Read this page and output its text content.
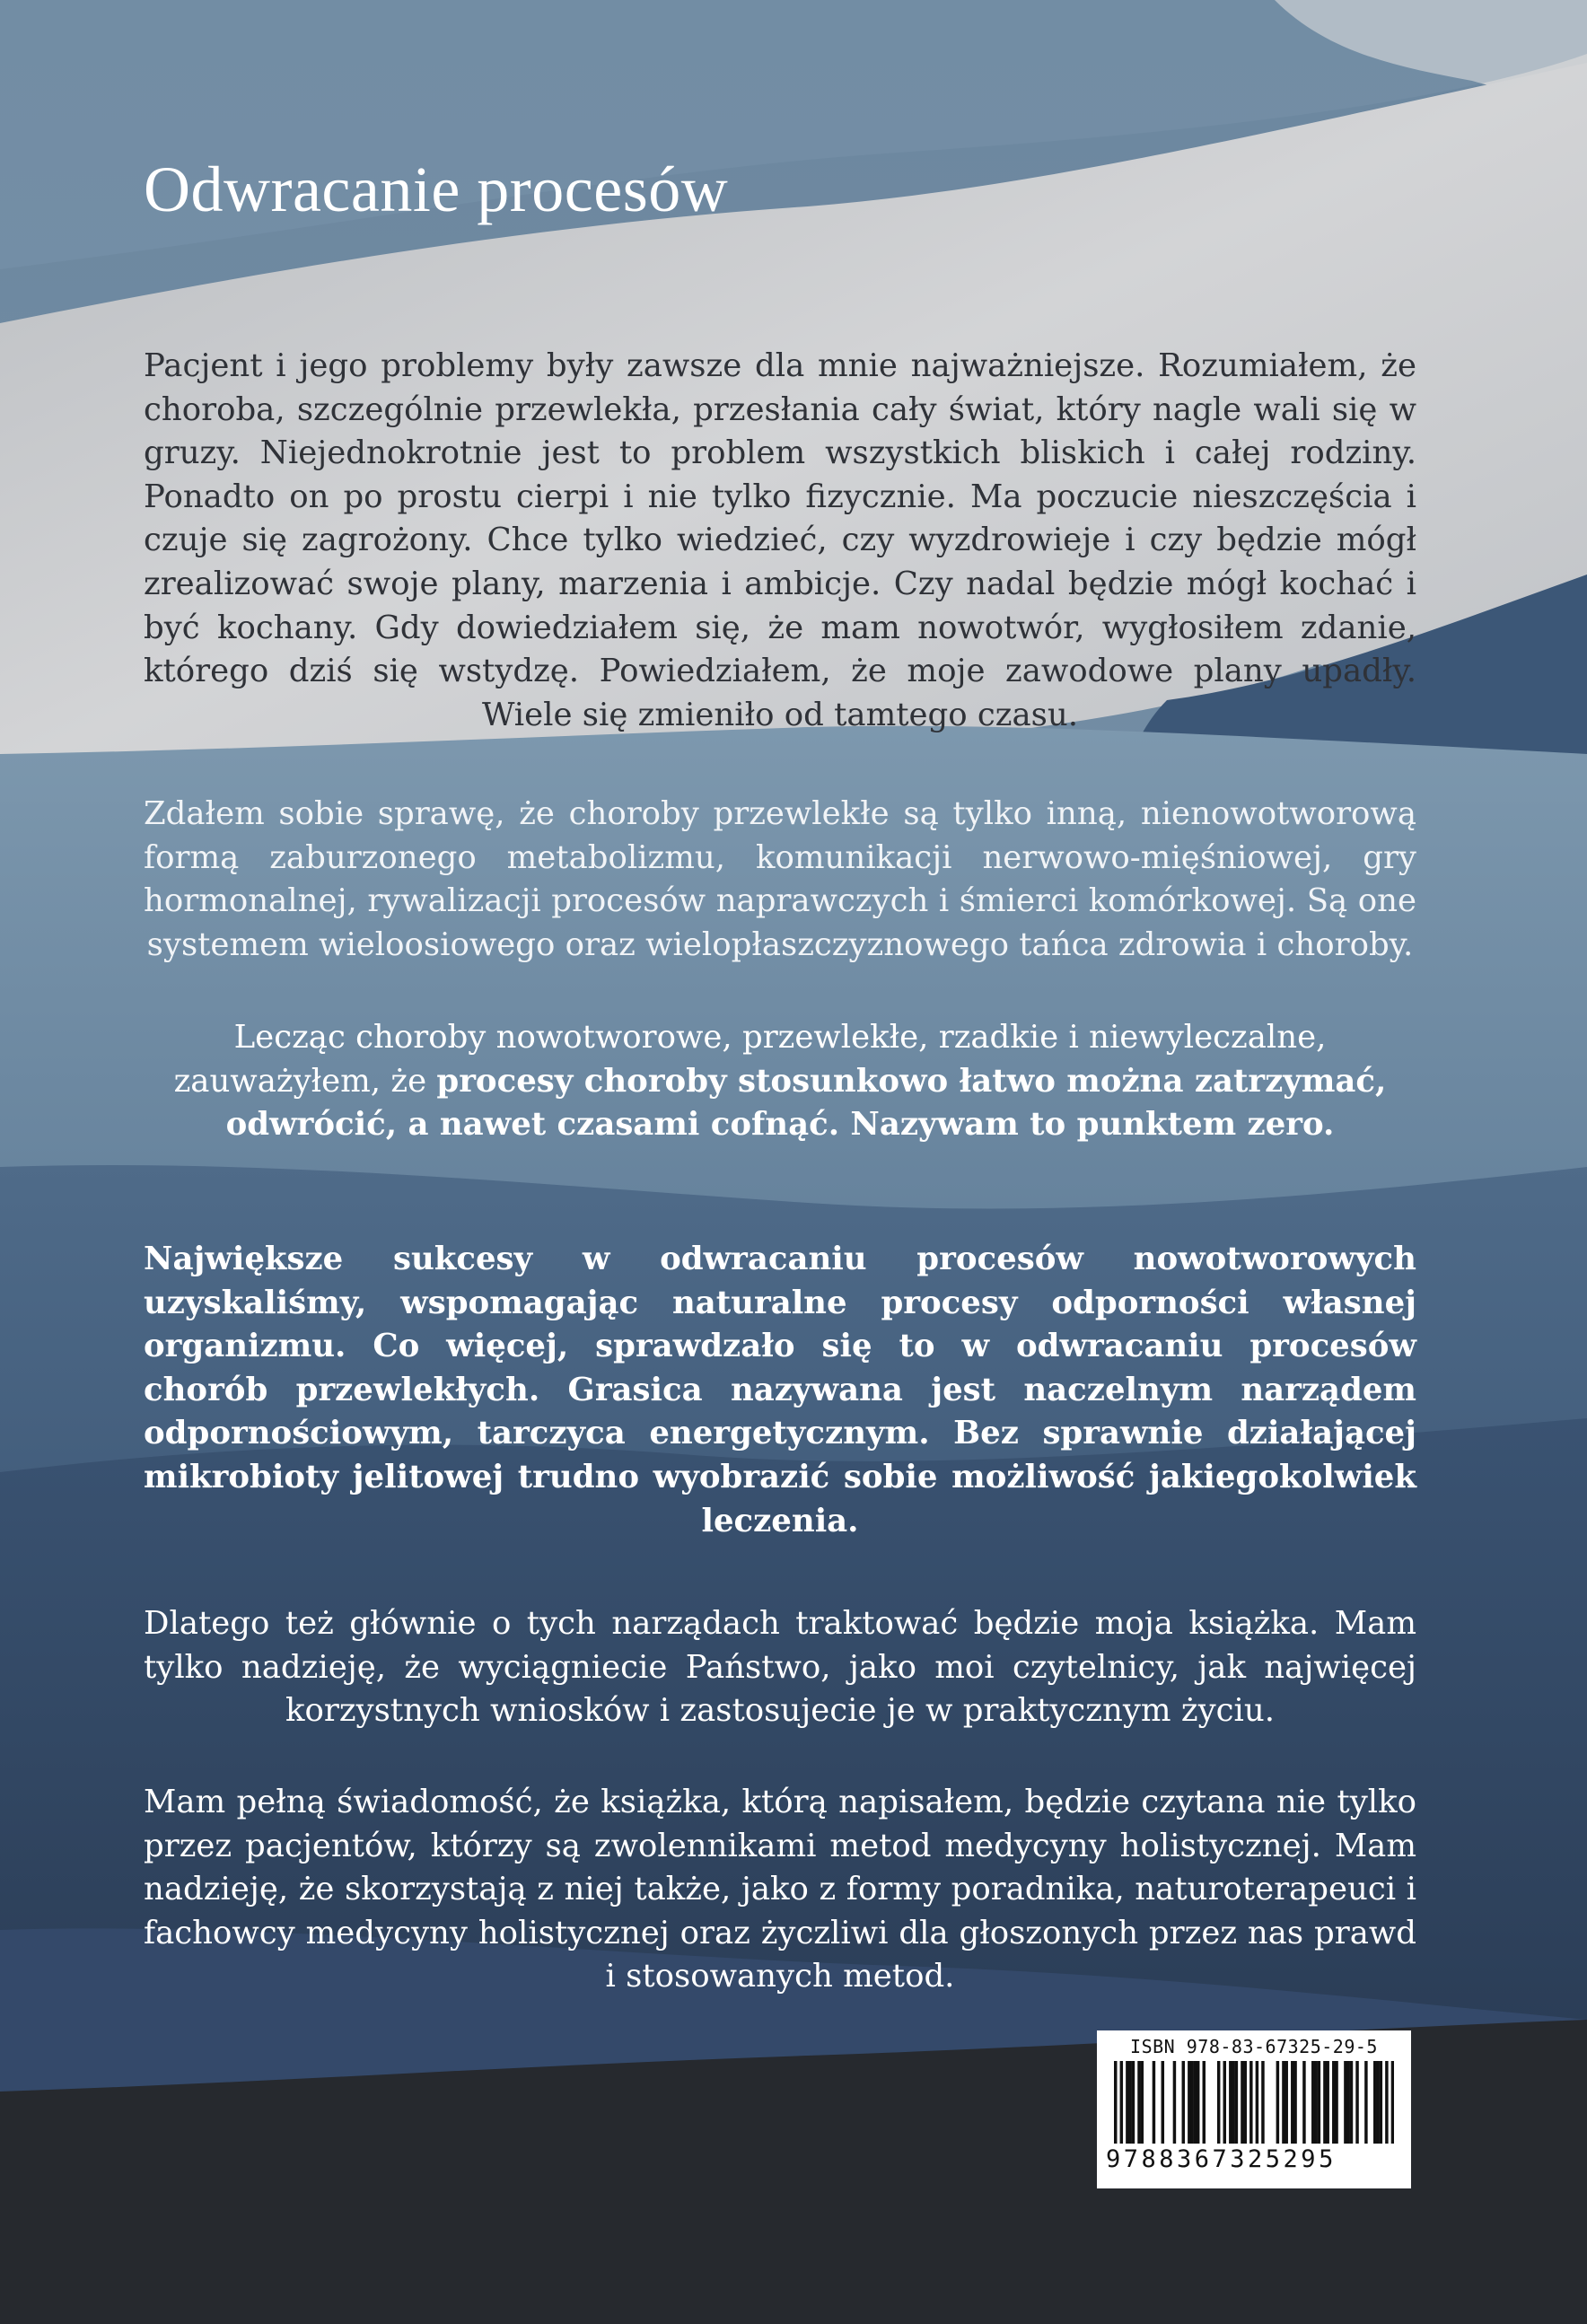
Odwracanie procesów

Pacjent i jego problemy były zawsze dla mnie najważniejsze. Rozumiałem, że choroba, szczególnie przewlekła, przesłania cały świat, który nagle wali się w gruzy. Niejednokrotnie jest to problem wszystkich bliskich i całej rodziny. Ponadto on po prostu cierpi i nie tylko fizycznie. Ma poczucie nieszczęścia i czuje się zagrożony. Chce tylko wiedzieć, czy wyzdrowieje i czy będzie mógł zrealizować swoje plany, marzenia i ambicje. Czy nadal będzie mógł kochać i być kochany. Gdy dowiedziałem się, że mam nowotwór, wygłosiłem zdanie, którego dziś się wstydzę. Powiedziałem, że moje zawodowe plany upadły. Wiele się zmieniło od tamtego czasu.

Zdałem sobie sprawę, że choroby przewlekłe są tylko inną, nienowotworową formą zaburzonego metabolizmu, komunikacji nerwowo-mięśniowej, gry hormonalnej, rywalizacji procesów naprawczych i śmierci komórkowej. Są one systemem wieloosiowego oraz wielopłaszczyznowego tańca zdrowia i choroby.

Lecząc choroby nowotworowe, przewlekłe, rzadkie i niewyleczalne, zauważyłem, że procesy choroby stosunkowo łatwo można zatrzymać, odwrócić, a nawet czasami cofnąć. Nazywam to punktem zero.

Największe sukcesy w odwracaniu procesów nowotworowych uzyskaliśmy, wspomagając naturalne procesy odporności własnej organizmu. Co więcej, sprawdzało się to w odwracaniu procesów chorób przewlekłych. Grasica nazywana jest naczelnym narządem odpornościowym, tarczyca energetycznym. Bez sprawnie działającej mikrobioty jelitowej trudno wyobrazić sobie możliwość jakiegokolwiek leczenia.

Dlatego też głównie o tych narządach traktować będzie moja książka. Mam tylko nadzieję, że wyciągniecie Państwo, jako moi czytelnicy, jak najwięcej korzystnych wniosków i zastosujecie je w praktycznym życiu.

Mam pełną świadomość, że książka, którą napisałem, będzie czytana nie tylko przez pacjentów, którzy są zwolennikami metod medycyny holistycznej. Mam nadzieję, że skorzystają z niej także, jako z formy poradnika, naturoterapeuci i fachowcy medycyny holistycznej oraz życzliwi dla głoszonych przez nas prawd i stosowanych metod.

ISBN 978-83-67325-29-5
9788367325295
